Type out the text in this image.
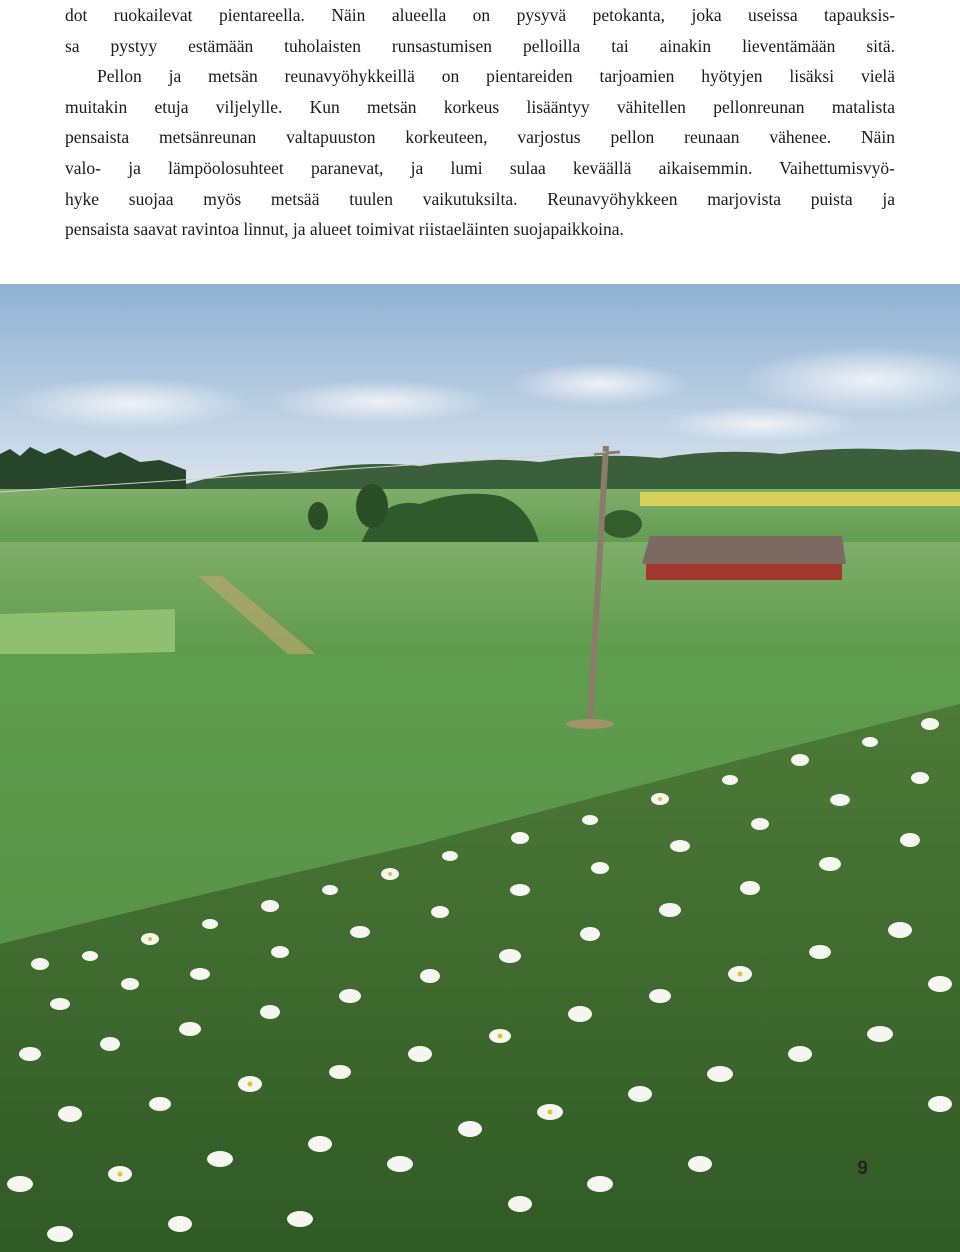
dot ruokailevat pientareella. Näin alueella on pysyvä petokanta, joka useissa tapauksis-
sa pystyy estämään tuholaisten runsastumisen pelloilla tai ainakin lieventämään sitä.
Pellon ja metsän reunavyöhykkeillä on pientareiden tarjoamien hyötyjen lisäksi vielä
muitakin etuja viljelylle. Kun metsän korkeus lisääntyy vähitellen pellonreunan matalista
pensaista metsänreunan valtapuuston korkeuteen, varjostus pellon reunaan vähenee. Näin
valo- ja lämpöolosuhteet paranevat, ja lumi sulaa keväällä aikaisemmin. Vaihettumisvyö-
hyke suojaa myös metsää tuulen vaikutuksilta. Reunavyöhykkeen marjovista puista ja
pensaista saavat ravintoa linnut, ja alueet toimivat riistaeläinten suojapaikkoina.
9
